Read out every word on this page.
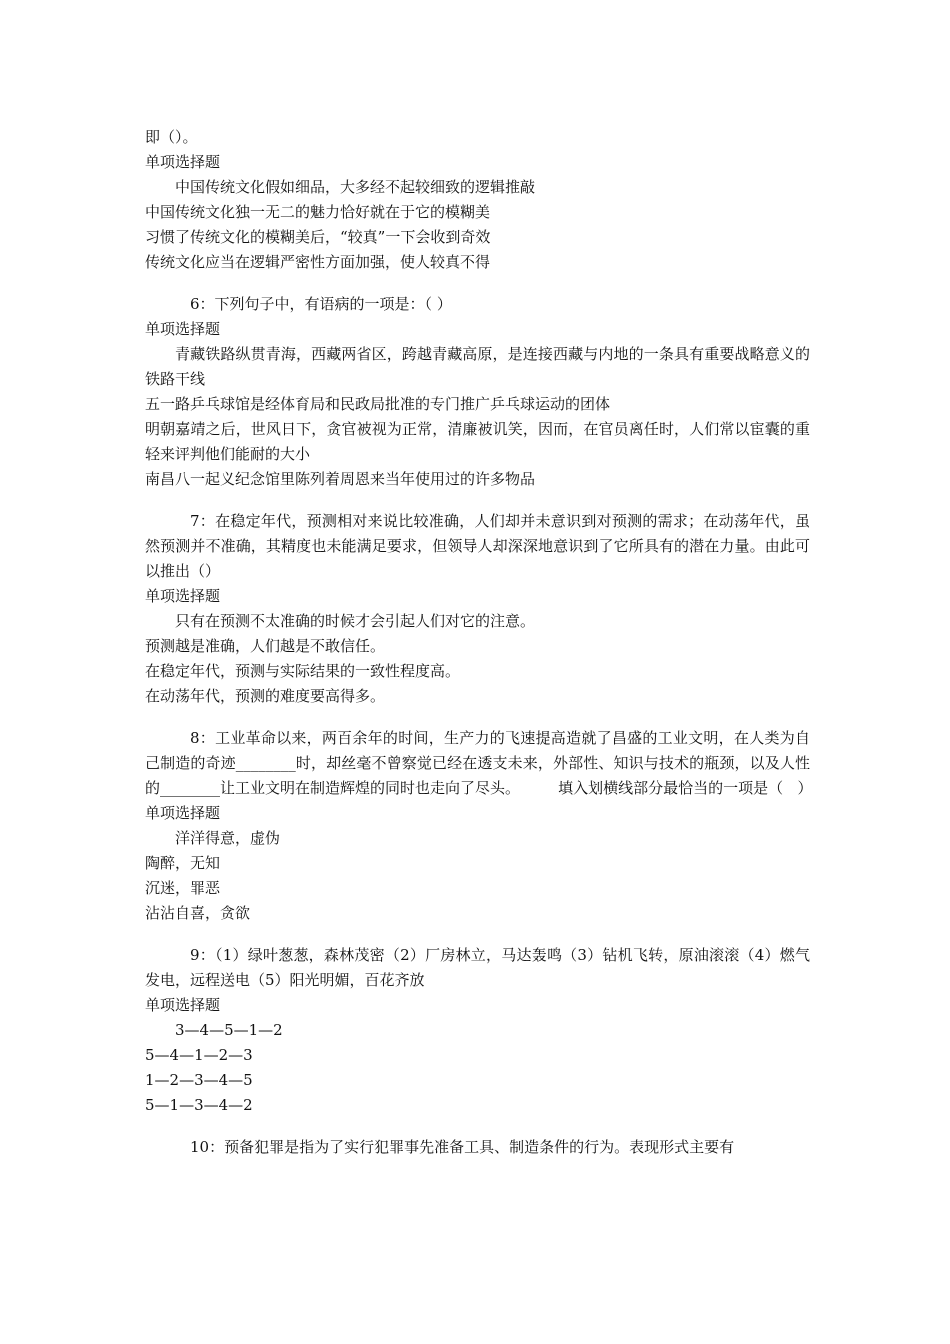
即（）。
单项选择题
中国传统文化假如细品，大多经不起较细致的逻辑推敲
中国传统文化独一无二的魅力恰好就在于它的模糊美
习惯了传统文化的模糊美后，“较真”一下会收到奇效
传统文化应当在逻辑严密性方面加强，使人较真不得
6：下列句子中，有语病的一项是：（ ）
单项选择题
青藏铁路纵贯青海，西藏两省区，跨越青藏高原，是连接西藏与内地的一条具有重要战略意义的铁路干线
五一路乒乓球馆是经体育局和民政局批准的专门推广乒乓球运动的团体
明朝嘉靖之后，世风日下，贪官被视为正常，清廉被讥笑，因而，在官员离任时，人们常以宦囊的重轻来评判他们能耐的大小
南昌八一起义纪念馆里陈列着周恩来当年使用过的许多物品
7：在稳定年代，预测相对来说比较准确，人们却并未意识到对预测的需求；在动荡年代，虽然预测并不准确，其精度也未能满足要求，但领导人却深深地意识到了它所具有的潜在力量。由此可以推出（）
单项选择题
只有在预测不太准确的时候才会引起人们对它的注意。
预测越是准确，人们越是不敢信任。
在稳定年代，预测与实际结果的一致性程度高。
在动荡年代，预测的难度要高得多。
8：工业革命以来，两百余年的时间，生产力的飞速提高造就了昌盛的工业文明，在人类为自己制造的奇迹________时，却丝毫不曾察觉已经在透支未来，外部性、知识与技术的瓶颈，以及人性的________让工业文明在制造辉煌的同时也走向了尽头。        填入划横线部分最恰当的一项是（   ）
单项选择题
洋洋得意，虚伪
陶醉，无知
沉迷，罪恶
沾沾自喜，贪欲
9：（1）绿叶葱葱，森林茂密（2）厂房林立，马达轰鸣（3）钻机飞转，原油滚滚（4）燃气发电，远程送电（5）阳光明媚，百花齐放
单项选择题
3—4—5—1—2
5—4—1—2—3
1—2—3—4—5
5—1—3—4—2
10：预备犯罪是指为了实行犯罪事先准备工具、制造条件的行为。表现形式主要有
